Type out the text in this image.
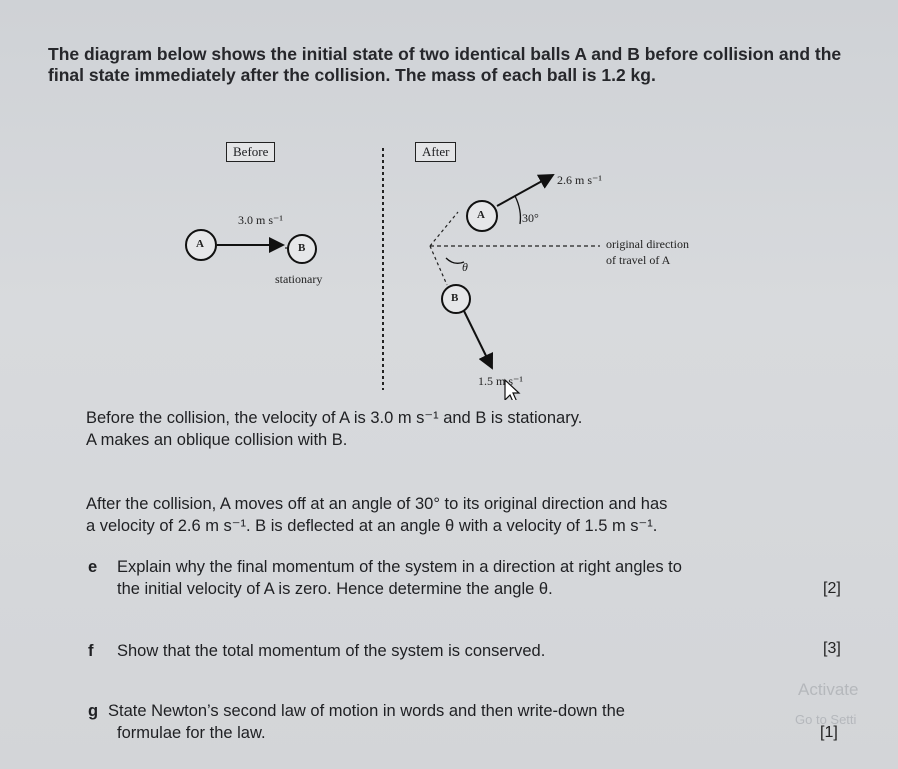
The diagram below shows the initial state of two identical balls A and B before collision and the final state immediately after the collision. The mass of each ball is 1.2 kg.
Before	After
A	B
3.0 m s⁻¹
stationary
A
B
2.6 m s⁻¹
30°
θ
1.5 m s⁻¹
original direction
of travel of A
Before the collision, the velocity of A is 3.0 m s⁻¹ and B is stationary.
A makes an oblique collision with B.
After the collision, A moves off at an angle of 30° to its original direction and has
a velocity of 2.6 m s⁻¹. B is deflected at an angle θ with a velocity of 1.5 m s⁻¹.
e Explain why the final momentum of the system in a direction at right angles to
the initial velocity of A is zero. Hence determine the angle θ.	[2]
f Show that the total momentum of the system is conserved.	[3]
g State Newton’s second law of motion in words and then write-down the
formulae for the law.	[1]
Activate
Go to Setti
